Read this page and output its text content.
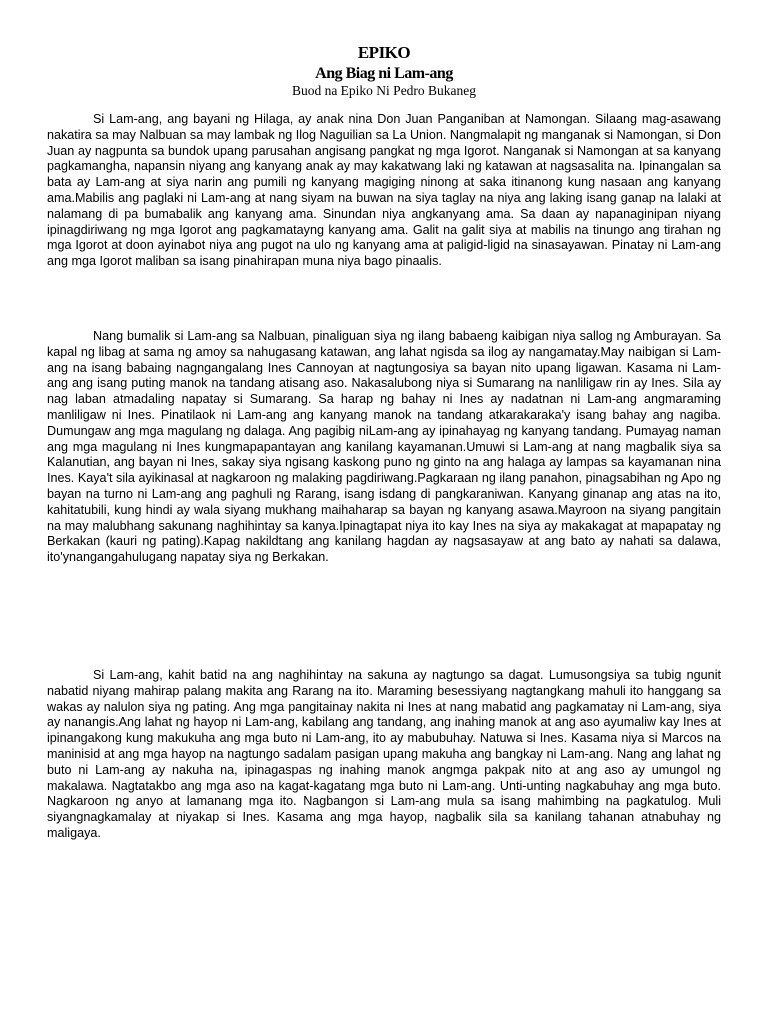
EPIKO
Ang Biag ni Lam-ang
Buod na Epiko Ni Pedro Bukaneg

Si Lam-ang, ang bayani ng Hilaga, ay anak nina Don Juan Panganiban at Namongan. Silaang mag-asawang nakatira sa may Nalbuan sa may lambak ng Ilog Naguilian sa La Union. Nangmalapit ng manganak si Namongan, si Don Juan ay nagpunta sa bundok upang parusahan angisang pangkat ng mga Igorot. Nanganak si Namongan at sa kanyang pagkamangha, napansin niyang ang kanyang anak ay may kakatwang laki ng katawan at nagsasalita na. Ipinangalan sa bata ay Lam-ang at siya narin ang pumili ng kanyang magiging ninong at saka itinanong kung nasaan ang kanyang ama.Mabilis ang paglaki ni Lam-ang at nang siyam na buwan na siya taglay na niya ang laking isang ganap na lalaki at nalamang di pa bumabalik ang kanyang ama. Sinundan niya angkanyang ama. Sa daan ay napanaginipan niyang ipinagdiriwang ng mga Igorot ang pagkamatayng kanyang ama. Galit na galit siya at mabilis na tinungo ang tirahan ng mga Igorot at doon ayinabot niya ang pugot na ulo ng kanyang ama at paligid-ligid na sinasayawan. Pinatay ni Lam-ang ang mga Igorot maliban sa isang pinahirapan muna niya bago pinaalis.

Nang bumalik si Lam-ang sa Nalbuan, pinaliguan siya ng ilang babaeng kaibigan niya sallog ng Amburayan. Sa kapal ng libag at sama ng amoy sa nahugasang katawan, ang lahat ngisda sa ilog ay nangamatay.May naibigan si Lam-ang na isang babaing nagngangalang Ines Cannoyan at nagtungosiya sa bayan nito upang ligawan. Kasama ni Lam-ang ang isang puting manok na tandang atisang aso. Nakasalubong niya si Sumarang na nanliligaw rin ay Ines. Sila ay nag laban atmadaling napatay si Sumarang. Sa harap ng bahay ni Ines ay nadatnan ni Lam-ang angmaraming manliligaw ni Ines. Pinatilaok ni Lam-ang ang kanyang manok na tandang atkarakaraka'y isang bahay ang nagiba. Dumungaw ang mga magulang ng dalaga. Ang pagibig niLam-ang ay ipinahayag ng kanyang tandang. Pumayag naman ang mga magulang ni Ines kungmapapantayan ang kanilang kayamanan.Umuwi si Lam-ang at nang magbalik siya sa Kalanutian, ang bayan ni Ines, sakay siya ngisang kaskong puno ng ginto na ang halaga ay lampas sa kayamanan nina Ines. Kaya't sila ayikinasal at nagkaroon ng malaking pagdiriwang.Pagkaraan ng ilang panahon, pinagsabihan ng Apo ng bayan na turno ni Lam-ang ang paghuli ng Rarang, isang isdang di pangkaraniwan. Kanyang ginanap ang atas na ito, kahitatubili, kung hindi ay wala siyang mukhang maihaharap sa bayan ng kanyang asawa.Mayroon na siyang pangitain na may malubhang sakunang naghihintay sa kanya.Ipinagtapat niya ito kay Ines na siya ay makakagat at mapapatay ng Berkakan (kauri ng pating).Kapag nakildtang ang kanilang hagdan ay nagsasayaw at ang bato ay nahati sa dalawa, ito'ynangangahulugang napatay siya ng Berkakan.

Si Lam-ang, kahit batid na ang naghihintay na sakuna ay nagtungo sa dagat. Lumusongsiya sa tubig ngunit nabatid niyang mahirap palang makita ang Rarang na ito. Maraming besessiyang nagtangkang mahuli ito hanggang sa wakas ay nalulon siya ng pating. Ang mga pangitainay nakita ni Ines at nang mabatid ang pagkamatay ni Lam-ang, siya ay nanangis.Ang lahat ng hayop ni Lam-ang, kabilang ang tandang, ang inahing manok at ang aso ayumaliw kay Ines at ipinangakong kung makukuha ang mga buto ni Lam-ang, ito ay mabubuhay. Natuwa si Ines. Kasama niya si Marcos na maninisid at ang mga hayop na nagtungo sadalam pasigan upang makuha ang bangkay ni Lam-ang. Nang ang lahat ng buto ni Lam-ang ay nakuha na, ipinagaspas ng inahing manok angmga pakpak nito at ang aso ay umungol ng makalawa. Nagtatakbo ang mga aso na kagat-kagatang mga buto ni Lam-ang. Unti-unting nagkabuhay ang mga buto. Nagkaroon ng anyo at lamanang mga ito. Nagbangon si Lam-ang mula sa isang mahimbing na pagkatulog. Muli siyangnagkamalay at niyakap si Ines. Kasama ang mga hayop, nagbalik sila sa kanilang tahanan atnabuhay ng maligaya.
